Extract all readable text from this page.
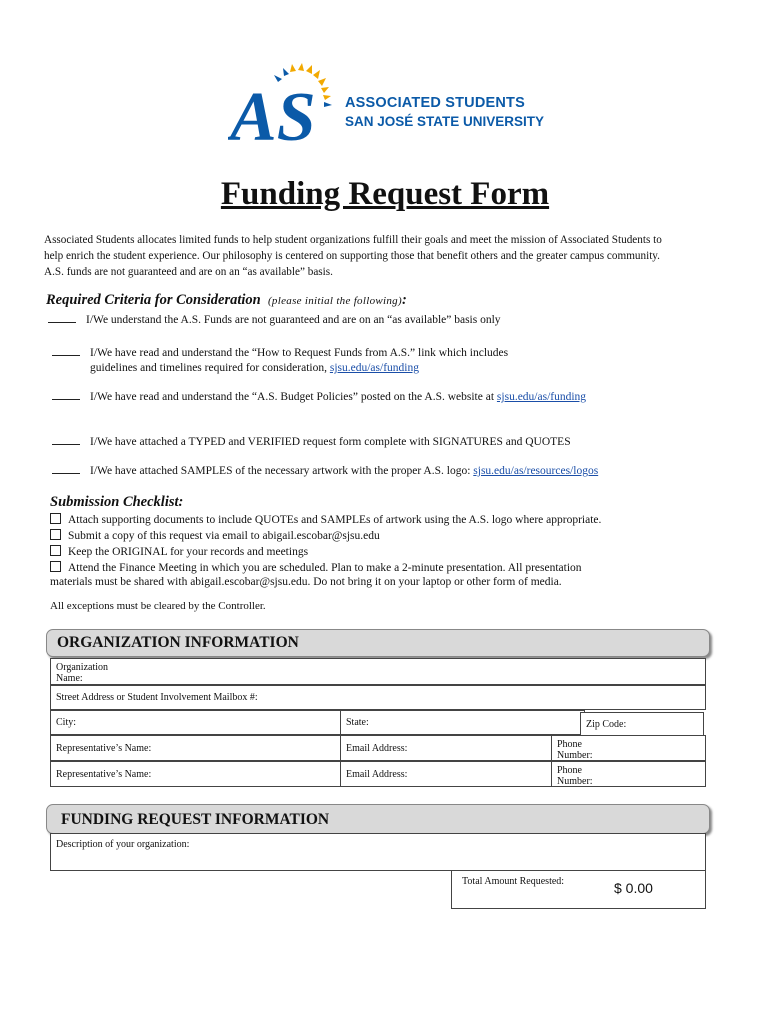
AS ASSOCIATED STUDENTS
SAN JOSÉ STATE UNIVERSITY
Funding Request Form
Associated Students allocates limited funds to help student organizations fulfill their goals and meet the mission of Associated Students to help enrich the student experience. Our philosophy is centered on supporting those that benefit others and the greater campus community. A.S. funds are not guaranteed and are on an “as available” basis.
Required Criteria for Consideration (please initial the following):
I/We understand the A.S. Funds are not guaranteed and are on an “as available” basis only
I/We have read and understand the “How to Request Funds from A.S.” link which includes
guidelines and timelines required for consideration, sjsu.edu/as/funding
I/We have read and understand the “A.S. Budget Policies” posted on the A.S. website at sjsu.edu/as/funding
I/We have attached a TYPED and VERIFIED request form complete with SIGNATURES and QUOTES
I/We have attached SAMPLES of the necessary artwork with the proper A.S. logo: sjsu.edu/as/resources/logos
Submission Checklist:
Attach supporting documents to include QUOTEs and SAMPLEs of artwork using the A.S. logo where appropriate.
Submit a copy of this request via email to abigail.escobar@sjsu.edu
Keep the ORIGINAL for your records and meetings
Attend the Finance Meeting in which you are scheduled. Plan to make a 2-minute presentation. All presentation
materials must be shared with abigail.escobar@sjsu.edu. Do not bring it on your laptop or other form of media.
All exceptions must be cleared by the Controller.
ORGANIZATION INFORMATION
Organization Name:
Street Address or Student Involvement Mailbox #:
City:	State:	Zip Code:
Representative’s Name:	Email Address:	Phone Number:
Representative’s Name:	Email Address:	Phone Number:
FUNDING REQUEST INFORMATION
Description of your organization:
Total Amount Requested:	$ 0.00
